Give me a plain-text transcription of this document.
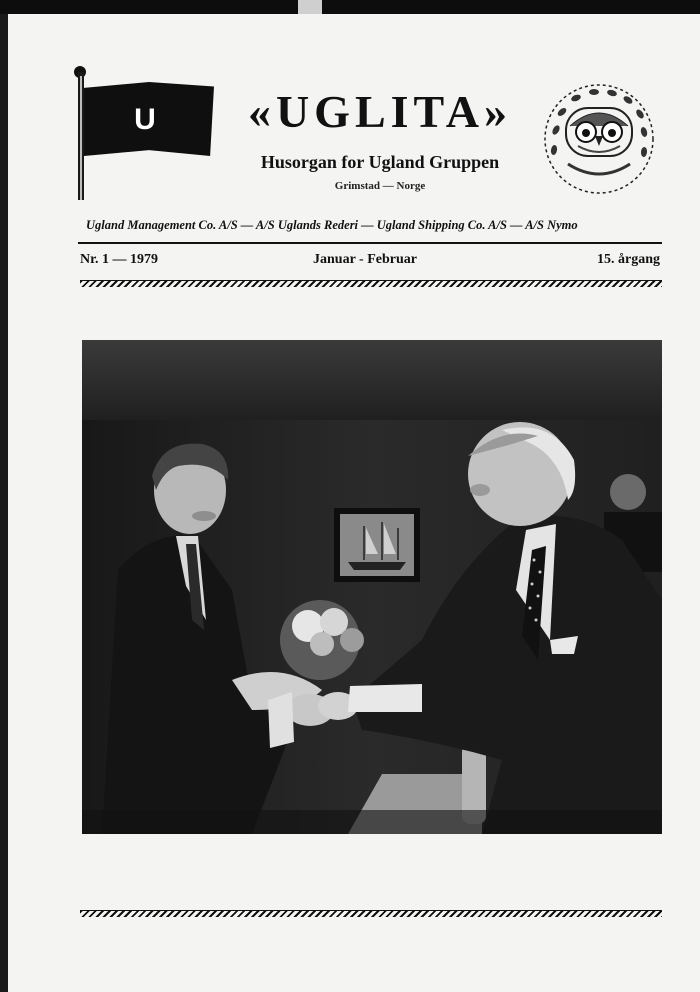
U «UGLITA»
Husorgan for Ugland Gruppen
Grimstad — Norge
Ugland Management Co. A/S — A/S Uglands Rederi — Ugland Shipping Co. A/S — A/S Nymo
Nr. 1 — 1979	Januar - Februar	15. årgang
